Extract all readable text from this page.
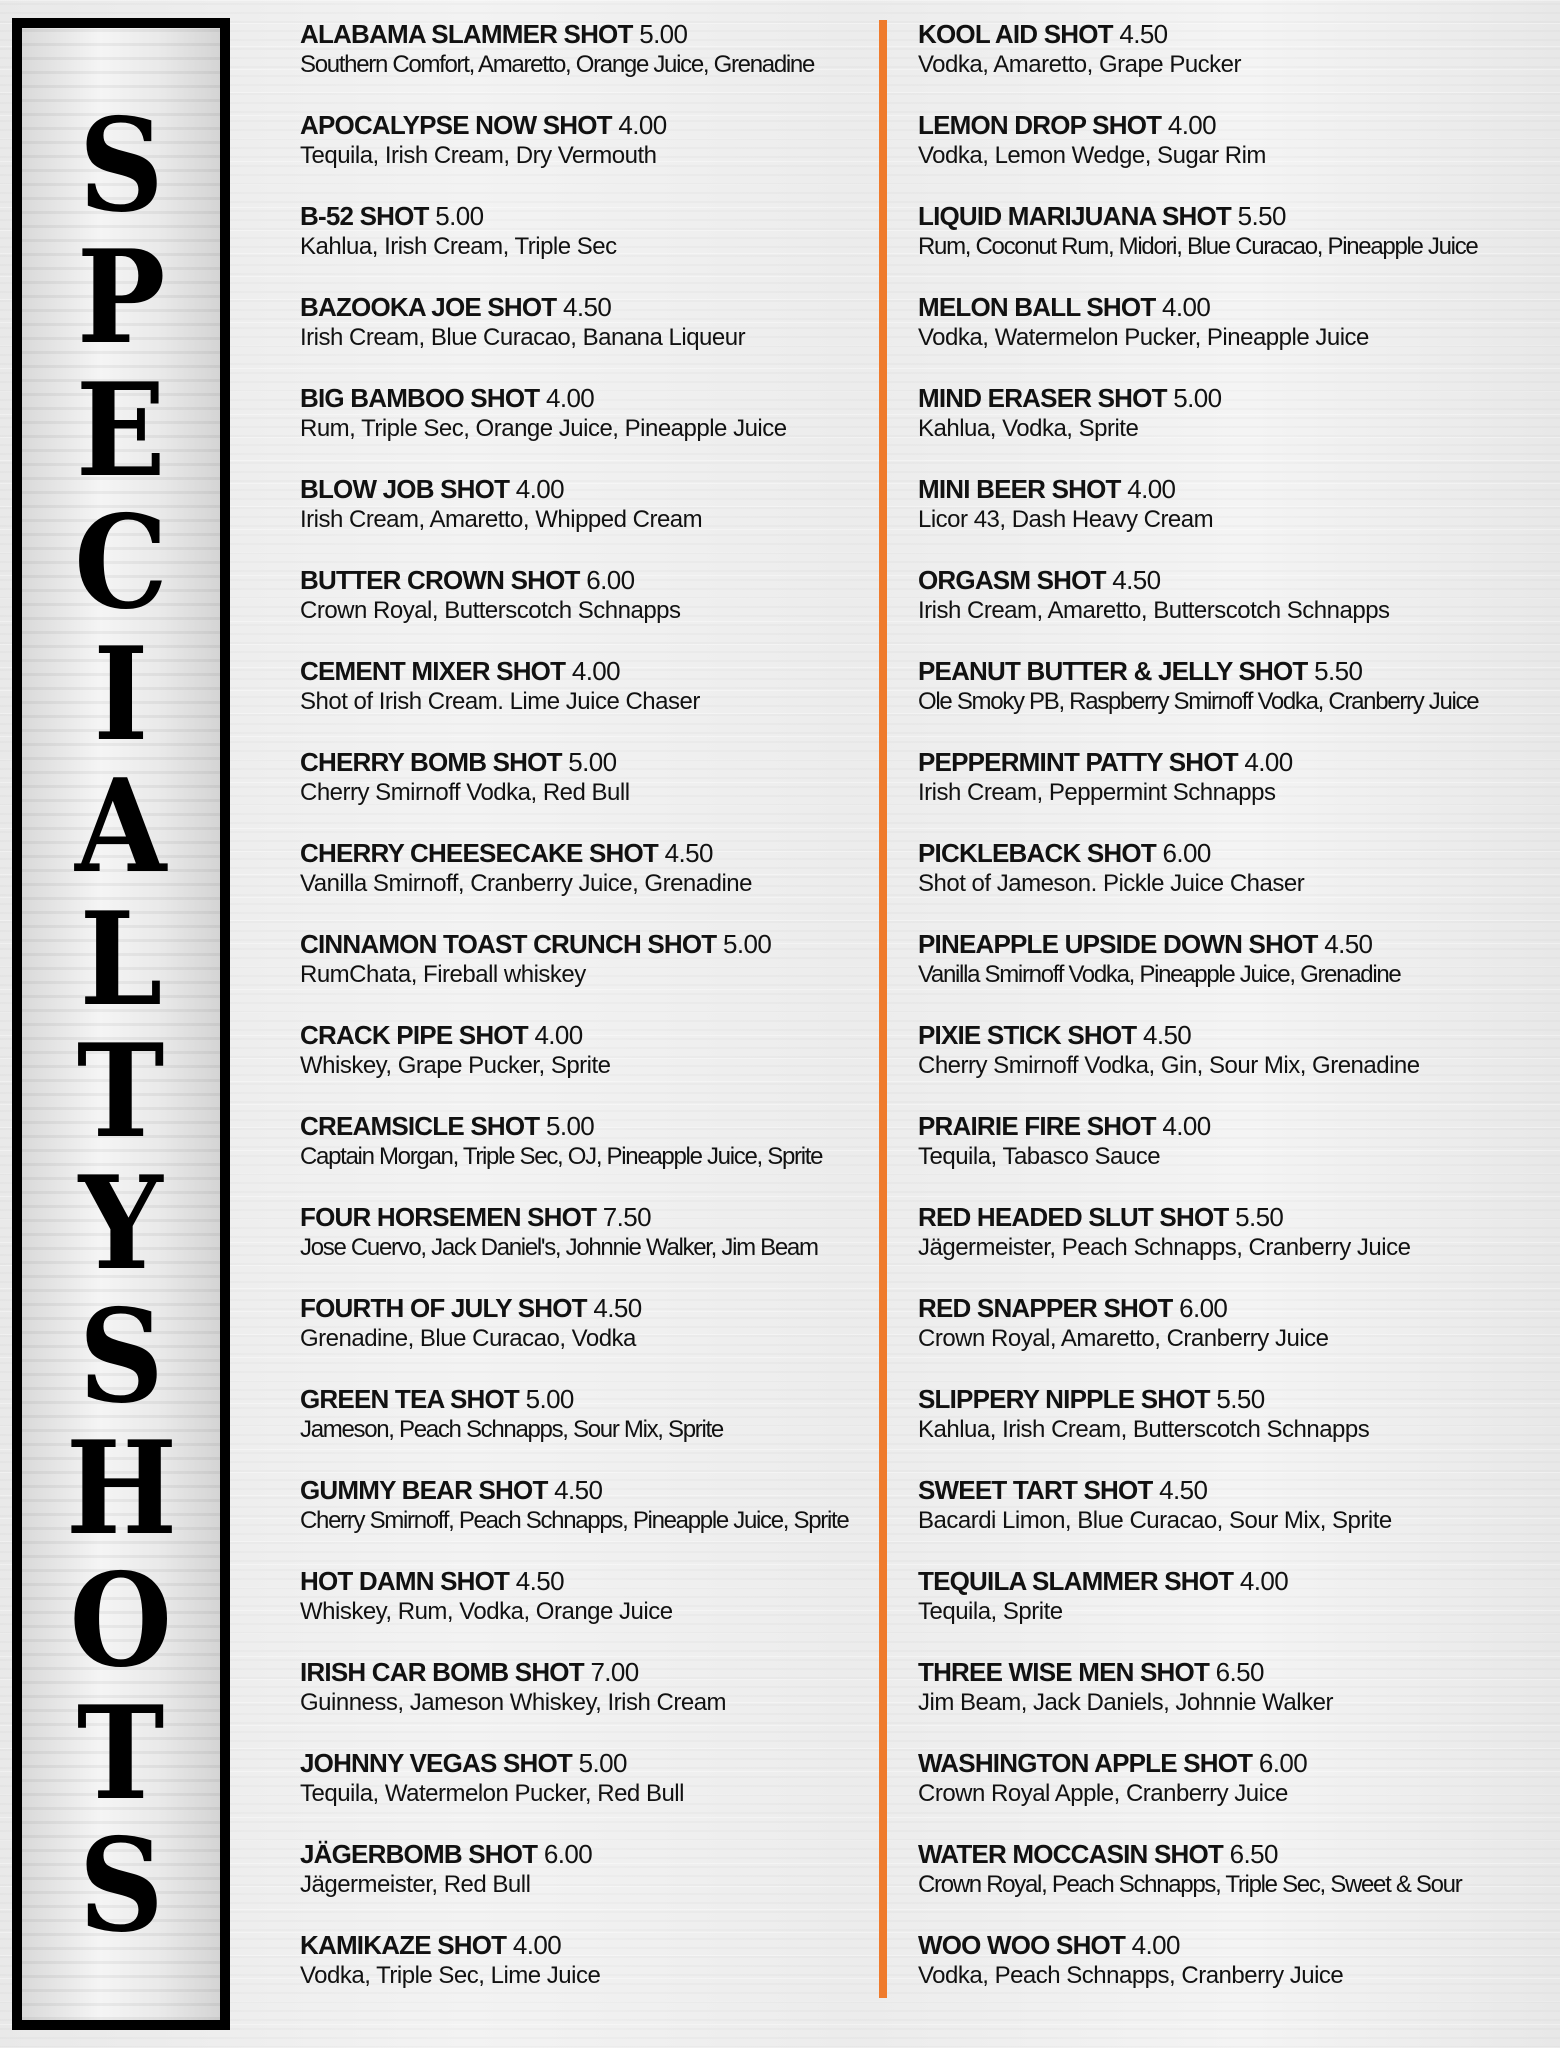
S
P
E
C
I
A
L
T
Y
S
H
O
T
S
ALABAMA SLAMMER SHOT 5.00
Southern Comfort, Amaretto, Orange Juice, Grenadine
APOCALYPSE NOW SHOT 4.00
Tequila, Irish Cream, Dry Vermouth
B-52 SHOT 5.00
Kahlua, Irish Cream, Triple Sec
BAZOOKA JOE SHOT 4.50
Irish Cream, Blue Curacao, Banana Liqueur
BIG BAMBOO SHOT 4.00
Rum, Triple Sec, Orange Juice, Pineapple Juice
BLOW JOB SHOT 4.00
Irish Cream, Amaretto, Whipped Cream
BUTTER CROWN SHOT 6.00
Crown Royal, Butterscotch Schnapps
CEMENT MIXER SHOT 4.00
Shot of Irish Cream. Lime Juice Chaser
CHERRY BOMB SHOT 5.00
Cherry Smirnoff Vodka, Red Bull
CHERRY CHEESECAKE SHOT 4.50
Vanilla Smirnoff, Cranberry Juice, Grenadine
CINNAMON TOAST CRUNCH SHOT 5.00
RumChata, Fireball whiskey
CRACK PIPE SHOT 4.00
Whiskey, Grape Pucker, Sprite
CREAMSICLE SHOT 5.00
Captain Morgan, Triple Sec, OJ, Pineapple Juice, Sprite
FOUR HORSEMEN SHOT 7.50
Jose Cuervo, Jack Daniel's, Johnnie Walker, Jim Beam
FOURTH OF JULY SHOT 4.50
Grenadine, Blue Curacao, Vodka
GREEN TEA SHOT 5.00
Jameson, Peach Schnapps, Sour Mix, Sprite
GUMMY BEAR SHOT 4.50
Cherry Smirnoff, Peach Schnapps, Pineapple Juice, Sprite
HOT DAMN SHOT 4.50
Whiskey, Rum, Vodka, Orange Juice
IRISH CAR BOMB SHOT 7.00
Guinness, Jameson Whiskey, Irish Cream
JOHNNY VEGAS SHOT 5.00
Tequila, Watermelon Pucker, Red Bull
JÄGERBOMB SHOT 6.00
Jägermeister, Red Bull
KAMIKAZE SHOT 4.00
Vodka, Triple Sec, Lime Juice
KOOL AID SHOT 4.50
Vodka, Amaretto, Grape Pucker
LEMON DROP SHOT 4.00
Vodka, Lemon Wedge, Sugar Rim
LIQUID MARIJUANA SHOT 5.50
Rum, Coconut Rum, Midori, Blue Curacao, Pineapple Juice
MELON BALL SHOT 4.00
Vodka, Watermelon Pucker, Pineapple Juice
MIND ERASER SHOT 5.00
Kahlua, Vodka, Sprite
MINI BEER SHOT 4.00
Licor 43, Dash Heavy Cream
ORGASM SHOT 4.50
Irish Cream, Amaretto, Butterscotch Schnapps
PEANUT BUTTER & JELLY SHOT 5.50
Ole Smoky PB, Raspberry Smirnoff Vodka, Cranberry Juice
PEPPERMINT PATTY SHOT 4.00
Irish Cream, Peppermint Schnapps
PICKLEBACK SHOT 6.00
Shot of Jameson. Pickle Juice Chaser
PINEAPPLE UPSIDE DOWN SHOT 4.50
Vanilla Smirnoff Vodka, Pineapple Juice, Grenadine
PIXIE STICK SHOT 4.50
Cherry Smirnoff Vodka, Gin, Sour Mix, Grenadine
PRAIRIE FIRE SHOT 4.00
Tequila, Tabasco Sauce
RED HEADED SLUT SHOT 5.50
Jägermeister, Peach Schnapps, Cranberry Juice
RED SNAPPER SHOT 6.00
Crown Royal, Amaretto, Cranberry Juice
SLIPPERY NIPPLE SHOT 5.50
Kahlua, Irish Cream, Butterscotch Schnapps
SWEET TART SHOT 4.50
Bacardi Limon, Blue Curacao, Sour Mix, Sprite
TEQUILA SLAMMER SHOT 4.00
Tequila, Sprite
THREE WISE MEN SHOT 6.50
Jim Beam, Jack Daniels, Johnnie Walker
WASHINGTON APPLE SHOT 6.00
Crown Royal Apple, Cranberry Juice
WATER MOCCASIN SHOT 6.50
Crown Royal, Peach Schnapps, Triple Sec, Sweet & Sour
WOO WOO SHOT 4.00
Vodka, Peach Schnapps, Cranberry Juice
